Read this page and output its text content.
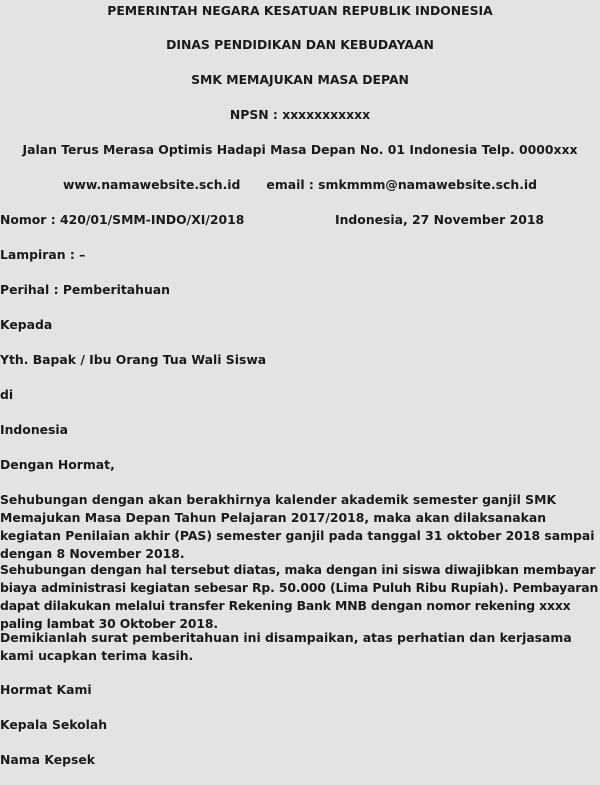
PEMERINTAH NEGARA KESATUAN REPUBLIK INDONESIA

DINAS PENDIDIKAN DAN KEBUDAYAAN

SMK MEMAJUKAN MASA DEPAN

NPSN : xxxxxxxxxxx

Jalan Terus Merasa Optimis Hadapi Masa Depan No. 01 Indonesia Telp. 0000xxx

www.namawebsite.sch.id email : smkmmm@namawebsite.sch.id

Nomor : 420/01/SMM-INDO/XI/2018	Indonesia, 27 November 2018

Lampiran : –

Perihal : Pemberitahuan

Kepada

Yth. Bapak / Ibu Orang Tua Wali Siswa

di

Indonesia

Dengan Hormat,

Sehubungan dengan akan berakhirnya kalender akademik semester ganjil SMK Memajukan Masa Depan Tahun Pelajaran 2017/2018, maka akan dilaksanakan kegiatan Penilaian akhir (PAS) semester ganjil pada tanggal 31 oktober 2018 sampai dengan 8 November 2018.

Sehubungan dengan hal tersebut diatas, maka dengan ini siswa diwajibkan membayar biaya administrasi kegiatan sebesar Rp. 50.000 (Lima Puluh Ribu Rupiah). Pembayaran dapat dilakukan melalui transfer Rekening Bank MNB dengan nomor rekening xxxx paling lambat 30 Oktober 2018.

Demikianlah surat pemberitahuan ini disampaikan, atas perhatian dan kerjasama kami ucapkan terima kasih.

Hormat Kami

Kepala Sekolah

Nama Kepsek
